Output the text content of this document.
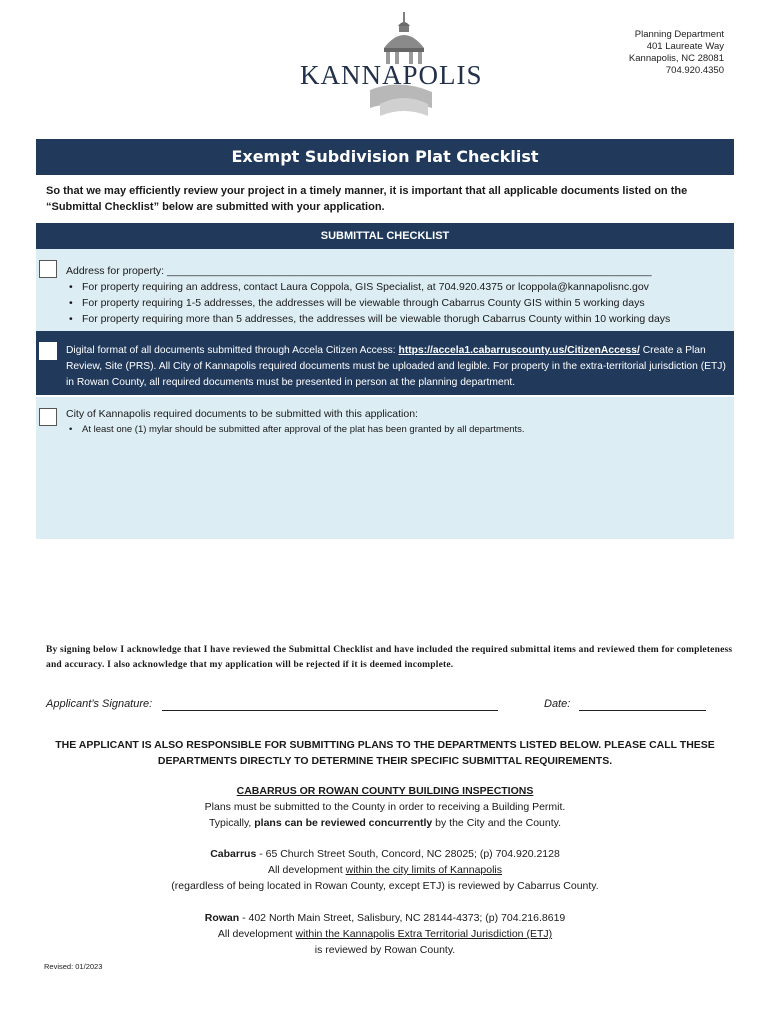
KANNAPOLIS
Planning Department
401 Laureate Way
Kannapolis, NC 28081
704.920.4350
Exempt Subdivision Plat Checklist
So that we may efficiently review your project in a timely manner, it is important that all applicable documents listed on the “Submittal Checklist” below are submitted with your application.
SUBMITTAL CHECKLIST
Address for property: ___________________________________________________________________________________
• For property requiring an address, contact Laura Coppola, GIS Specialist, at 704.920.4375 or lcoppola@kannapolisnc.gov
• For property requiring 1-5 addresses, the addresses will be viewable through Cabarrus County GIS within 5 working days
• For property requiring more than 5 addresses, the addresses will be viewable thorugh Cabarrus County within 10 working days
Digital format of all documents submitted through Accela Citizen Access: https://accela1.cabarruscounty.us/CitizenAccess/ Create a Plan Review, Site (PRS). All City of Kannapolis required documents must be uploaded and legible. For property in the extra-territorial jurisdiction (ETJ) in Rowan County, all required documents must be presented in person at the planning department.
City of Kannapolis required documents to be submitted with this application:
• At least one (1) mylar should be submitted after approval of the plat has been granted by all departments.
By signing below I acknowledge that I have reviewed the Submittal Checklist and have included the required submittal items and reviewed them for completeness and accuracy. I also acknowledge that my application will be rejected if it is deemed incomplete.
Applicant’s Signature:	Date:
THE APPLICANT IS ALSO RESPONSIBLE FOR SUBMITTING PLANS TO THE DEPARTMENTS LISTED BELOW. PLEASE CALL THESE DEPARTMENTS DIRECTLY TO DETERMINE THEIR SPECIFIC SUBMITTAL REQUIREMENTS.
CABARRUS OR ROWAN COUNTY BUILDING INSPECTIONS
Plans must be submitted to the County in order to receiving a Building Permit.
Typically, plans can be reviewed concurrently by the City and the County.
Cabarrus - 65 Church Street South, Concord, NC 28025; (p) 704.920.2128
All development within the city limits of Kannapolis
(regardless of being located in Rowan County, except ETJ) is reviewed by Cabarrus County.
Rowan - 402 North Main Street, Salisbury, NC 28144-4373; (p) 704.216.8619
All development within the Kannapolis Extra Territorial Jurisdiction (ETJ)
is reviewed by Rowan County.
Revised: 01/2023
